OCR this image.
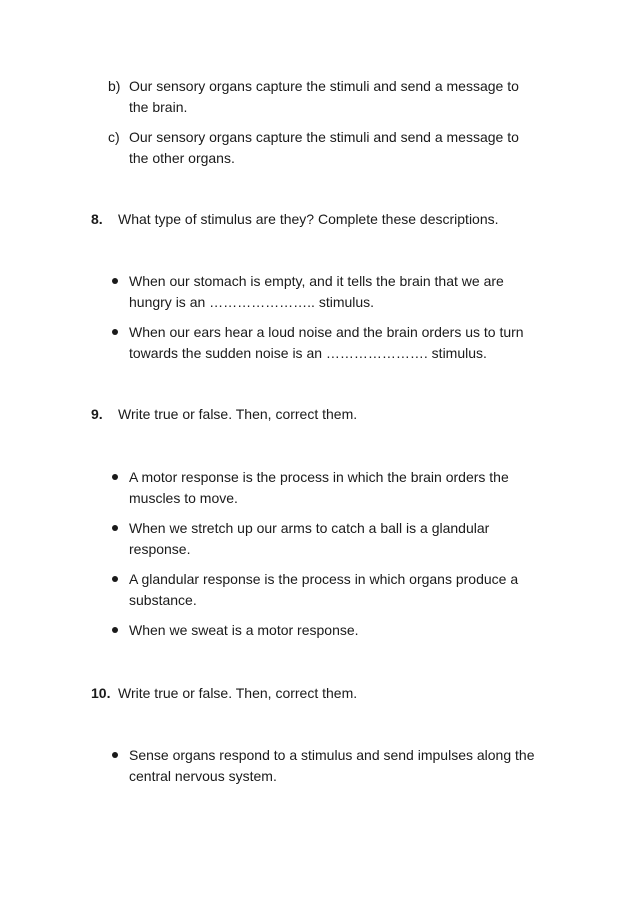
b) Our sensory organs capture the stimuli and send a message to
the brain.
c) Our sensory organs capture the stimuli and send a message to
the other organs.
8. What type of stimulus are they? Complete these descriptions.
When our stomach is empty, and it tells the brain that we are
hungry is an ………………….. stimulus.
When our ears hear a loud noise and the brain orders us to turn
towards the sudden noise is an …………………. stimulus.
9. Write true or false. Then, correct them.
A motor response is the process in which the brain orders the
muscles to move.
When we stretch up our arms to catch a ball is a glandular
response.
A glandular response is the process in which organs produce a
substance.
When we sweat is a motor response.
10. Write true or false. Then, correct them.
Sense organs respond to a stimulus and send impulses along the
central nervous system.
